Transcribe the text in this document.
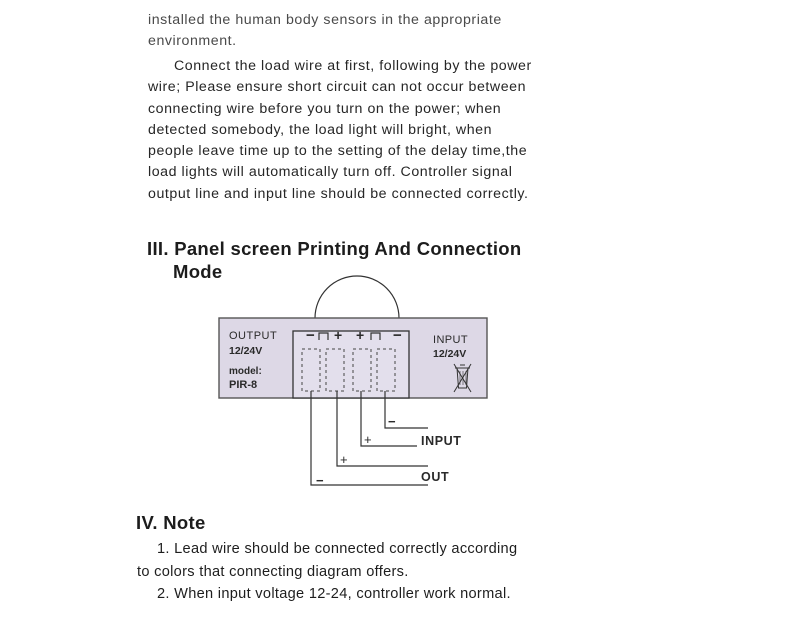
installed the human body sensors in the appropriate
environment.

Connect the load wire at first, following by the power
wire; Please ensure short circuit can not occur between
connecting wire before you turn on the power; when
detected somebody, the load light will bright, when
people leave time up to the setting of the delay time,the
load lights will automatically turn off. Controller signal
output line and input line should be connected correctly.

III. Panel screen Printing And Connection
Mode
− + + −
OUTPUT
12/24V
model:
PIR-8
INPUT
12/24V
−
+
+
−
INPUT
OUT
IV. Note

1. Lead wire should be connected correctly according
to colors that connecting diagram offers.
2. When input voltage 12-24, controller work normal.
